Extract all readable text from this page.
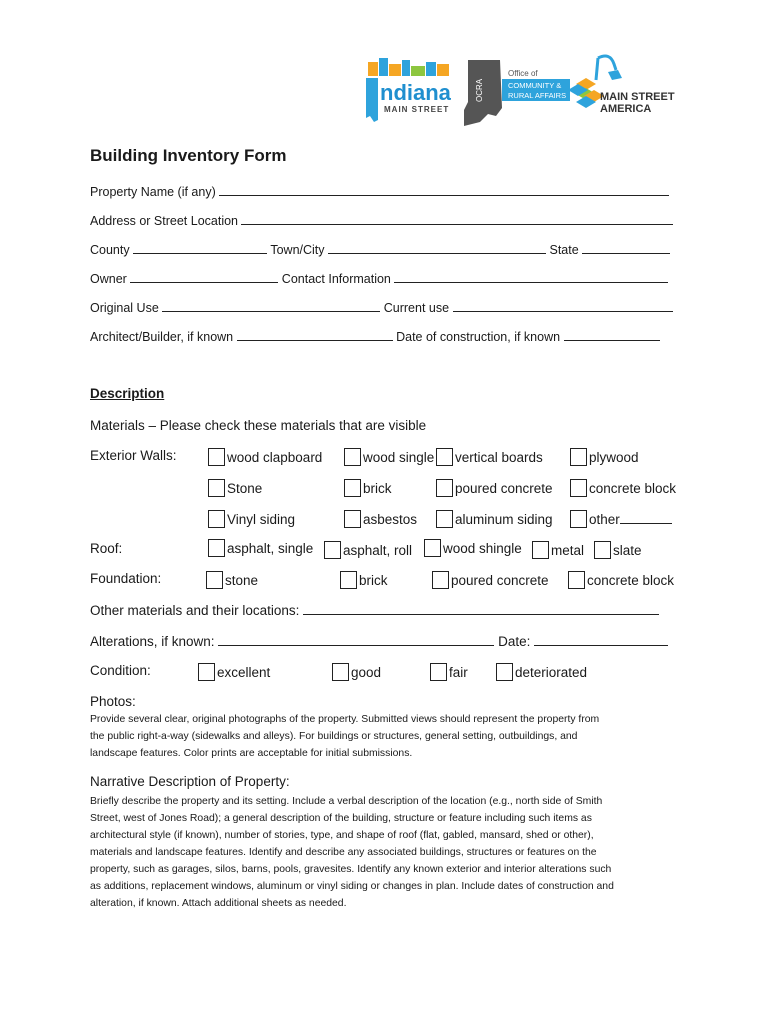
ndiana
MAIN STREET
OCRA
Office of
COMMUNITY &
RURAL AFFAIRS	MAIN STREET
AMERICA
Building Inventory Form
Property Name (if any)
Address or Street Location
County	Town/City	State
Owner	Contact Information
Original Use	Current use
Architect/Builder, if known	Date of construction, if known
Description
Materials – Please check these materials that are visible
Exterior Walls:	wood clapboard	wood single	vertical boards	plywood
Stone	brick	poured concrete	concrete block
Vinyl siding	asbestos	aluminum siding	other
Roof:	asphalt, single	asphalt, roll	wood shingle	metal	slate
Foundation:	stone	brick	poured concrete	concrete block
Other materials and their locations:
Alterations, if known:	Date:
Condition:	excellent	good	fair	deteriorated
Photos:
Provide several clear, original photographs of the property. Submitted views should represent the property from
the public right-a-way (sidewalks and alleys). For buildings or structures, general setting, outbuildings, and
landscape features. Color prints are acceptable for initial submissions.
Narrative Description of Property:
Briefly describe the property and its setting. Include a verbal description of the location (e.g., north side of Smith
Street, west of Jones Road); a general description of the building, structure or feature including such items as
architectural style (if known), number of stories, type, and shape of roof (flat, gabled, mansard, shed or other),
materials and landscape features. Identify and describe any associated buildings, structures or features on the
property, such as garages, silos, barns, pools, gravesites. Identify any known exterior and interior alterations such
as additions, replacement windows, aluminum or vinyl siding or changes in plan. Include dates of construction and
alteration, if known. Attach additional sheets as needed.
